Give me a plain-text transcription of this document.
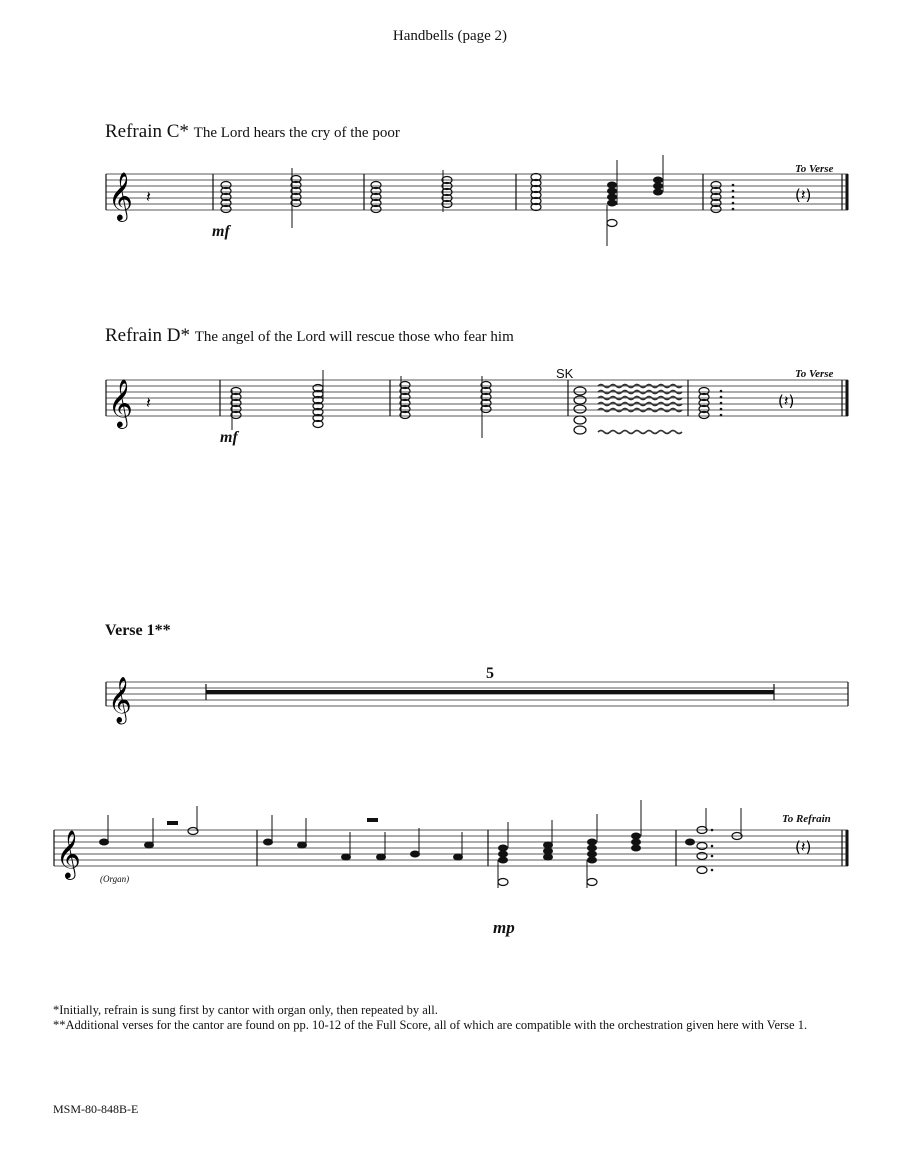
Handbells (page 2)
Refrain C* The Lord hears the cry of the poor
𝄞 𝄽	(𝄽)
mf
To Verse
Refrain D* The angel of the Lord will rescue those who fear him
𝄞 𝄽	(𝄽)
mf
SK	To Verse
Verse 1**
𝄞
5
𝄞	(𝄽)
(Organ)
mp
To Refrain
*Initially, refrain is sung first by cantor with organ only, then repeated by all.
**Additional verses for the cantor are found on pp. 10-12 of the Full Score, all of which are compatible with the orchestration given here with Verse 1.
MSM-80-848B-E
